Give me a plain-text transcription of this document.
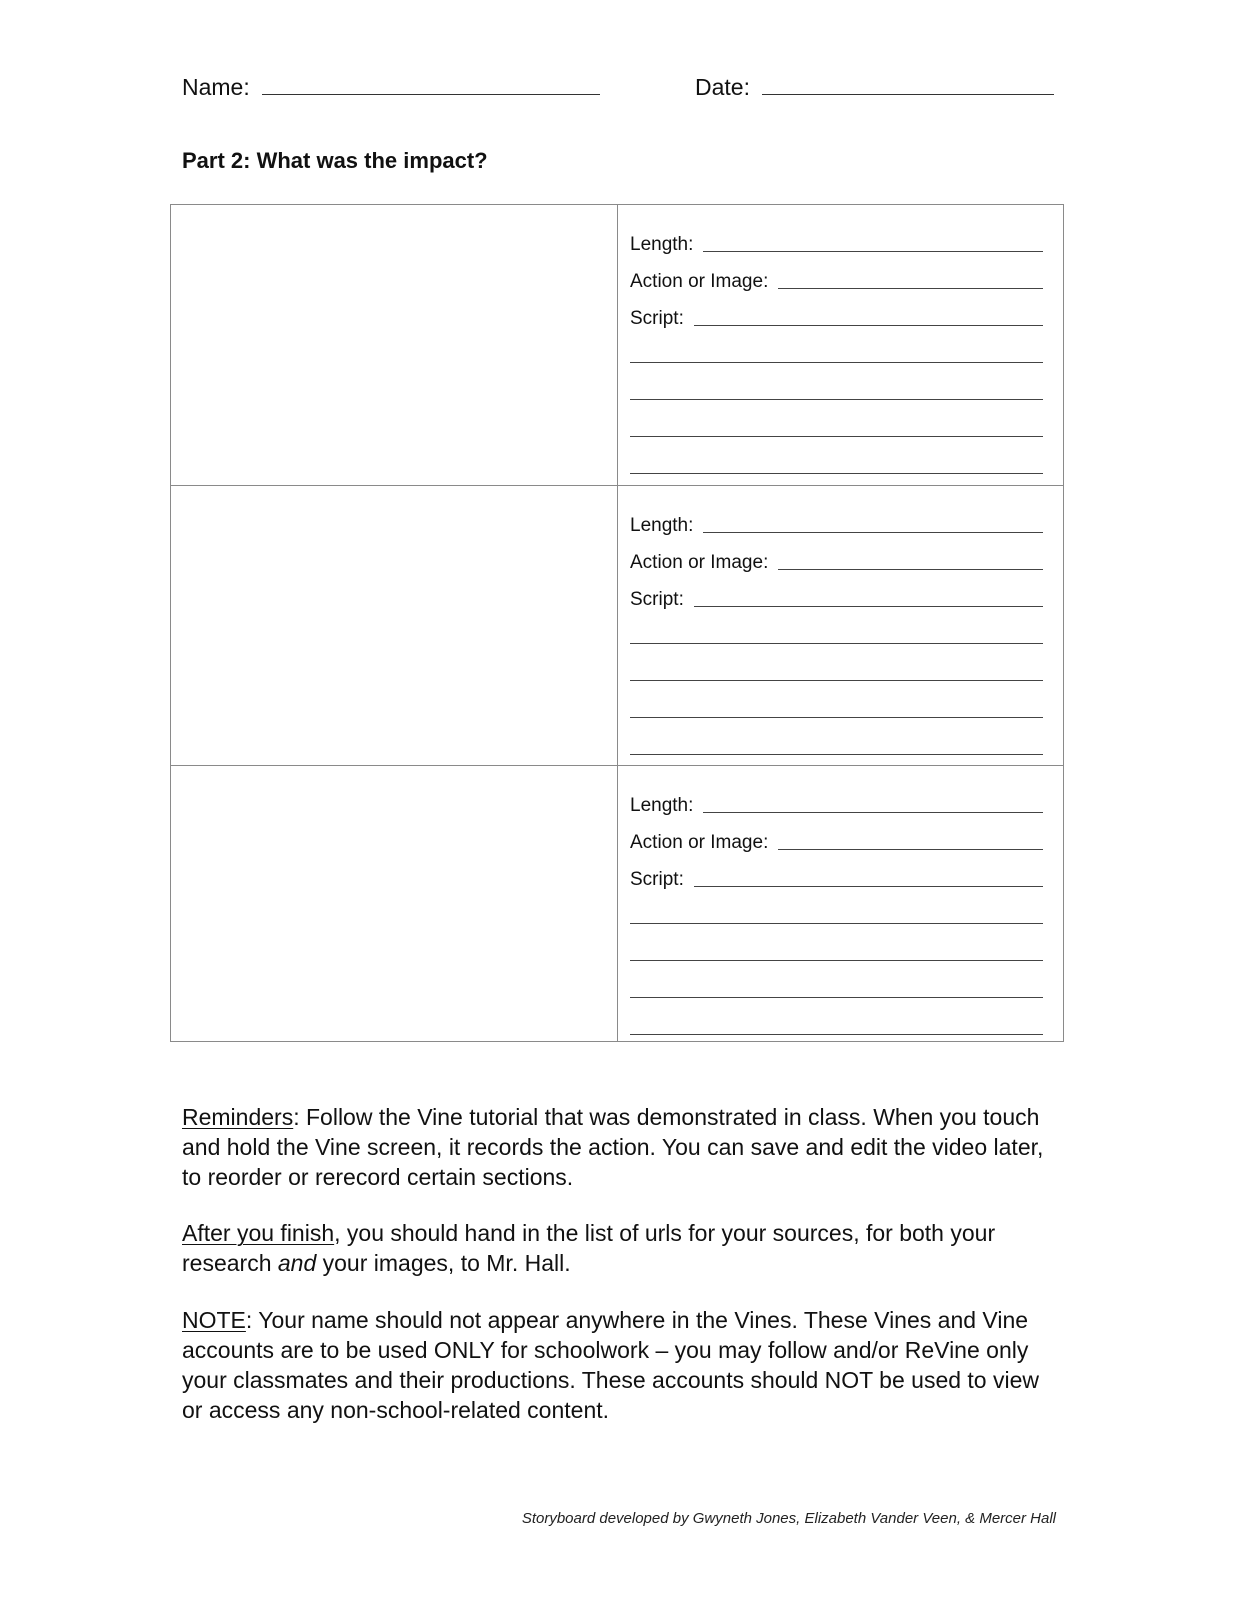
Name:	Date:
Part 2: What was the impact?
Length:
Action or Image:
Script:
Length:
Action or Image:
Script:
Length:
Action or Image:
Script:

Reminders: Follow the Vine tutorial that was demonstrated in class. When you touch and hold the Vine screen, it records the action. You can save and edit the video later, to reorder or rerecord certain sections.

After you finish, you should hand in the list of urls for your sources, for both your research and your images, to Mr. Hall.

NOTE: Your name should not appear anywhere in the Vines. These Vines and Vine accounts are to be used ONLY for schoolwork – you may follow and/or ReVine only your classmates and their productions. These accounts should NOT be used to view or access any non-school-related content.

Storyboard developed by Gwyneth Jones, Elizabeth Vander Veen, & Mercer Hall
